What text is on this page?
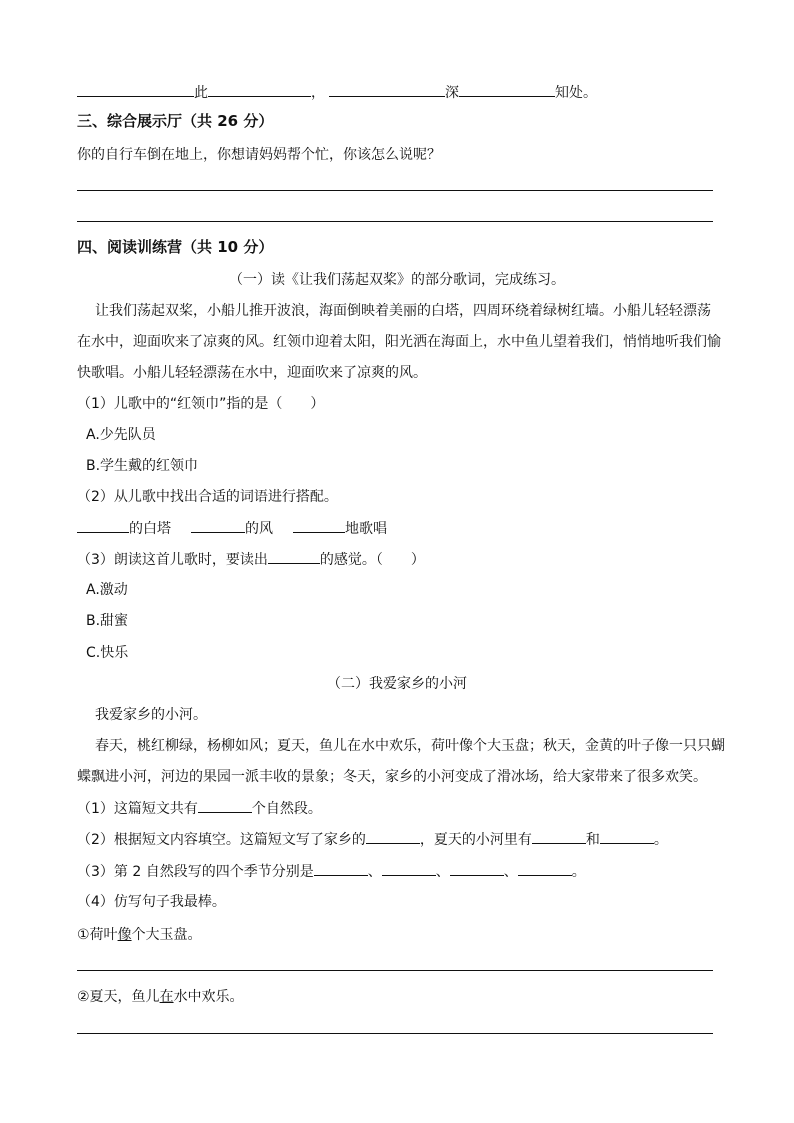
此	，	深	知处。
三、综合展示厅（共 26 分）
你的自行车倒在地上，你想请妈妈帮个忙，你该怎么说呢？
四、阅读训练营（共 10 分）
（一）读《让我们荡起双桨》的部分歌词，完成练习。
让我们荡起双桨，小船儿推开波浪，海面倒映着美丽的白塔，四周环绕着绿树红墙。小船儿轻轻漂荡
在水中，迎面吹来了凉爽的风。红领巾迎着太阳，阳光洒在海面上，水中鱼儿望着我们，悄悄地听我们愉
快歌唱。小船儿轻轻漂荡在水中，迎面吹来了凉爽的风。
（1）儿歌中的“红领巾”指的是（　　）
A.少先队员
B.学生戴的红领巾
（2）从儿歌中找出合适的词语进行搭配。
的白塔	的风	地歌唱
（3）朗读这首儿歌时，要读出	的感觉。（　　）
A.激动
B.甜蜜
C.快乐
（二）我爱家乡的小河
我爱家乡的小河。
春天，桃红柳绿，杨柳如风；夏天，鱼儿在水中欢乐，荷叶像个大玉盘；秋天，金黄的叶子像一只只蝴
蝶飘进小河，河边的果园一派丰收的景象；冬天，家乡的小河变成了滑冰场，给大家带来了很多欢笑。
（1）这篇短文共有	个自然段。
（2）根据短文内容填空。这篇短文写了家乡的	，夏天的小河里有	和	。
（3）第 2 自然段写的四个季节分别是	、	、	、	。
（4）仿写句子我最棒。
①荷叶像个大玉盘。
②夏天，鱼儿在水中欢乐。
